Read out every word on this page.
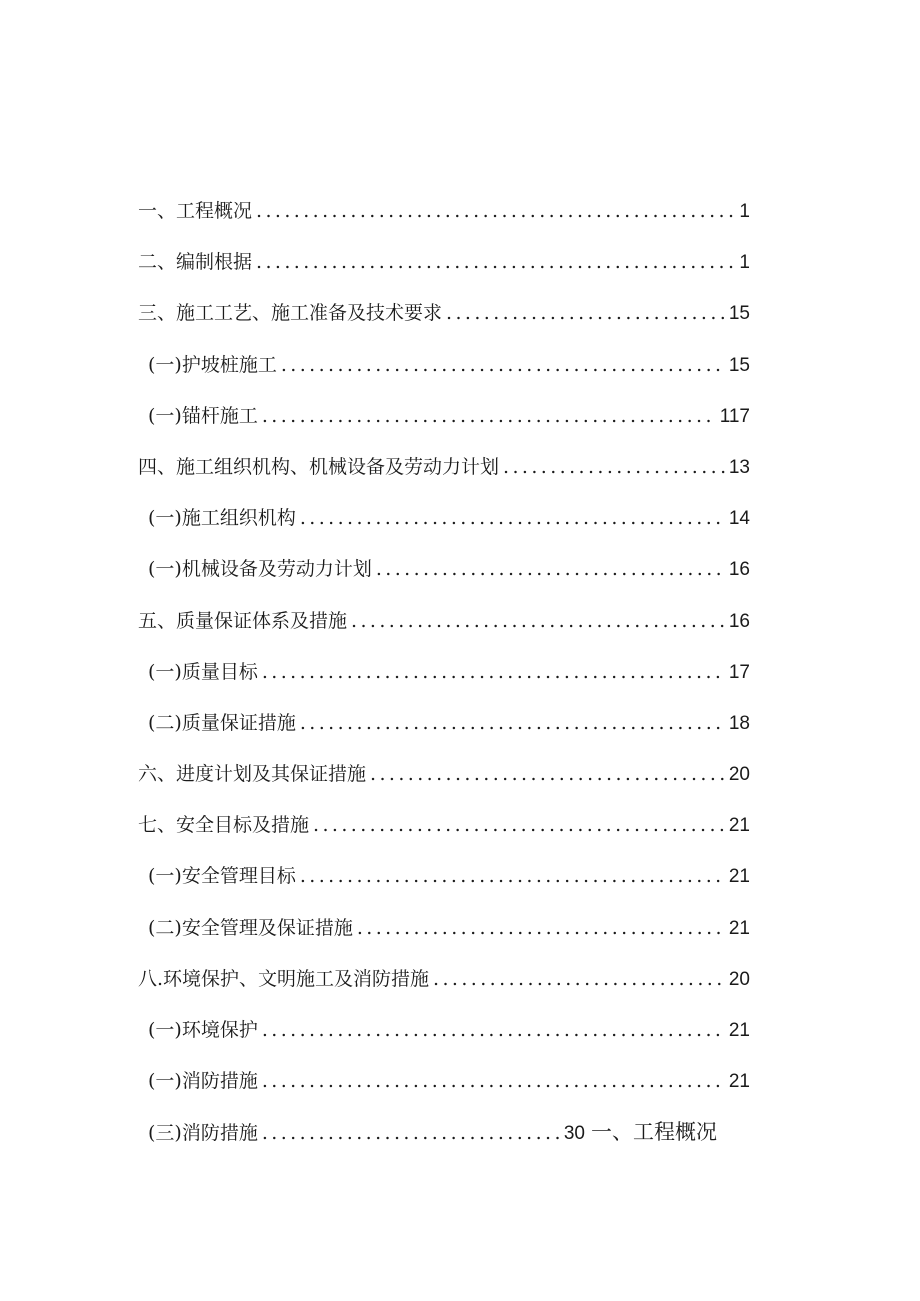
一、工程概况 .....	1
二、编制根据 .....	1
三、施工工艺、施工准备及技术要求 .....	15
(一)护坡桩施工 .....	15
(一)锚杆施工 .....	117
四、施工组织机构、机械设备及劳动力计划 .....	13
(一)施工组织机构 .....	14
(一)机械设备及劳动力计划 .....	16
五、质量保证体系及措施 .....	16
(一)质量目标 .....	17
(二)质量保证措施 .....	18
六、进度计划及其保证措施 .....	20
七、安全目标及措施 .....	21
(一)安全管理目标 .....	21
(二)安全管理及保证措施 .....	21
八.环境保护、文明施工及消防措施 .....	20
(一)环境保护 .....	21
(一)消防措施 .....	21
(三)消防措施 .....	30 一、工程概况
